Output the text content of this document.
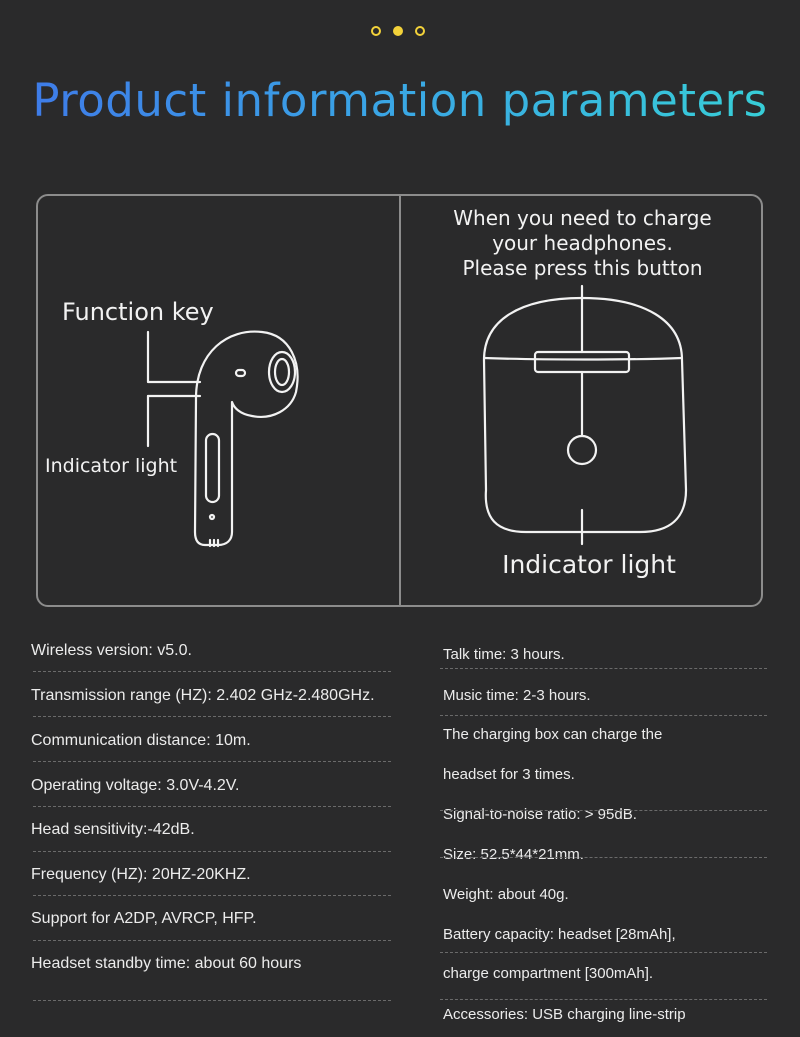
Product information parameters
Function key
Indicator light
When you need to charge
your headphones.
Please press this button
Indicator light
Wireless version: v5.0.
Transmission range (HZ): 2.402 GHz-2.480GHz.
Communication distance: 10m.
Operating voltage: 3.0V-4.2V.
Head sensitivity:-42dB.
Frequency (HZ): 20HZ-20KHZ.
Support for A2DP, AVRCP, HFP.
Headset standby time: about 60 hours
Talk time: 3 hours.
Music time: 2-3 hours.
The charging box can charge the
headset for 3 times.
Signal-to-noise ratio: > 95dB.
Size: 52.5*44*21mm.
Weight: about 40g.
Battery capacity: headset [28mAh],
charge compartment [300mAh].
Accessories: USB charging line-strip
